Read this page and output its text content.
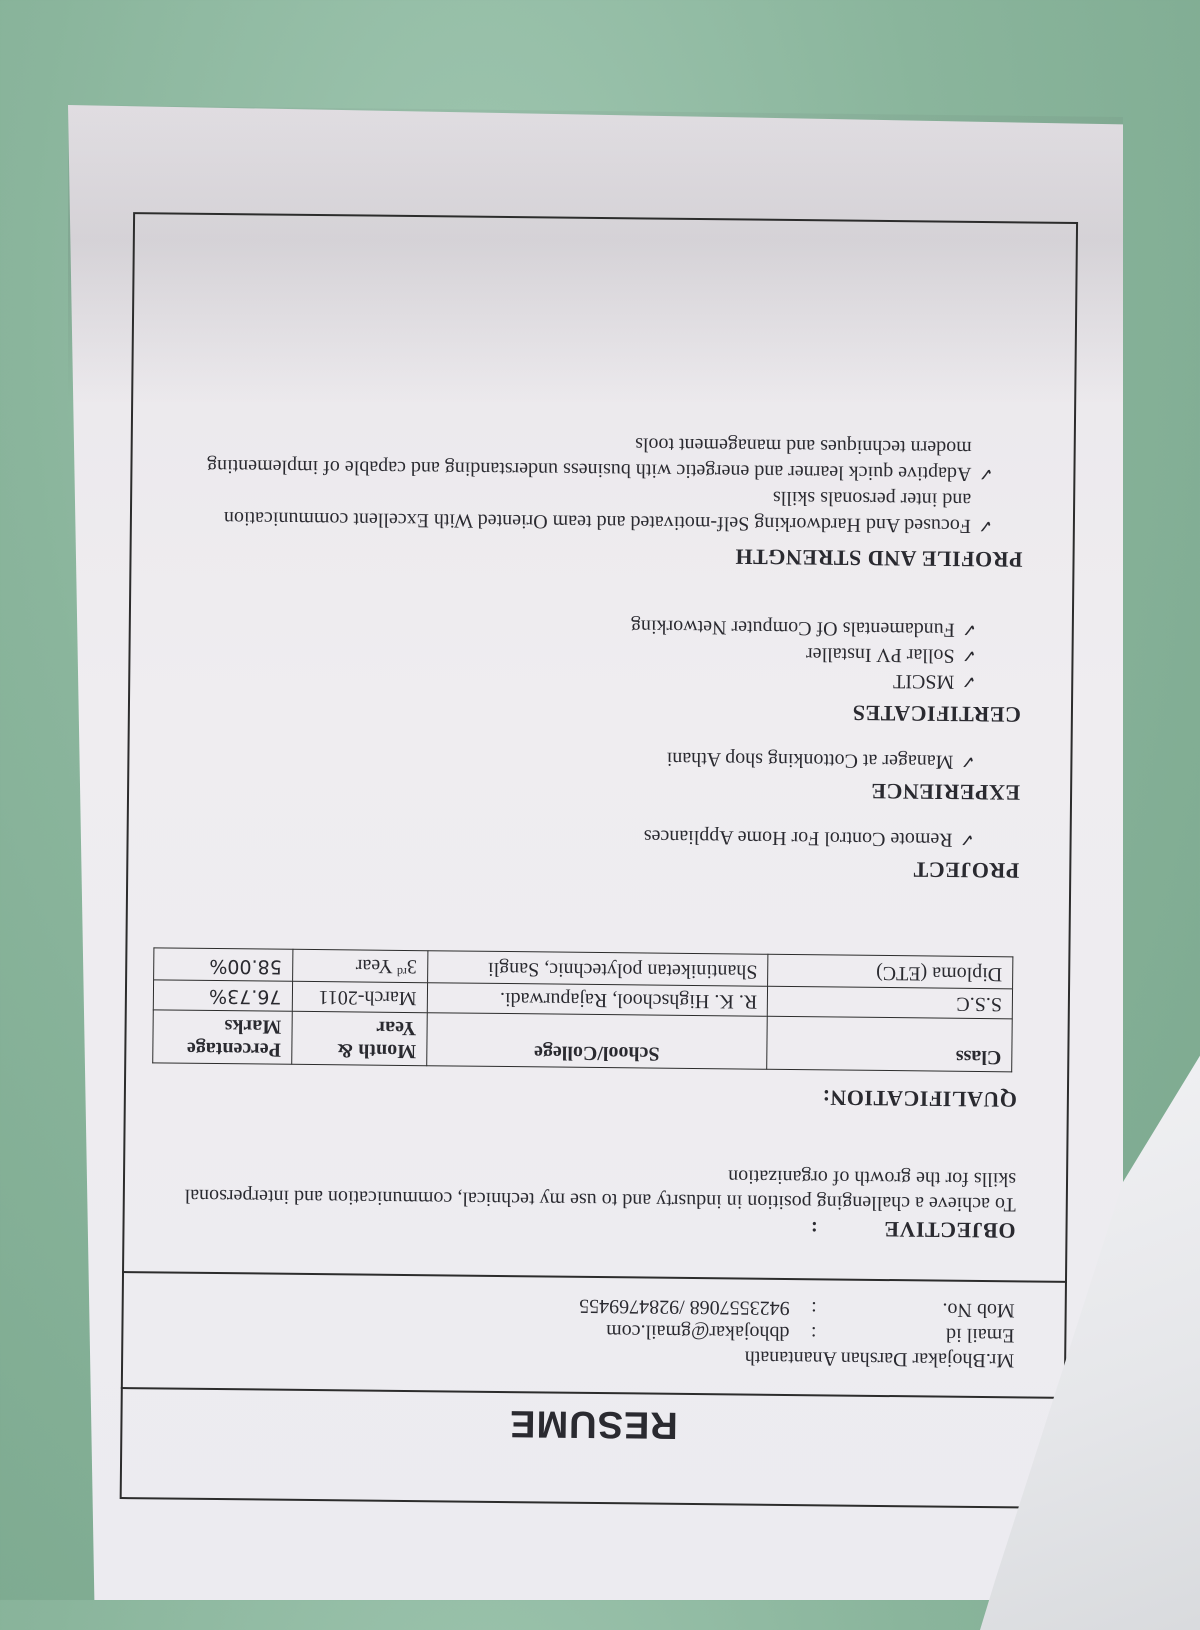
RESUME
Mr.Bhojakar Darshan Anantanath
Email id
:
dbhojakar@gmail.com
Mob No.
:
9423557068 /9284769455
OBJECTIVE
:
To achieve a challenging position in indusrty and to use my technical, communication and interpersonal
skills for the growth of organization
QUALIFICATION:
Class	School/College	Month & Year	Percentage Marks
S.S.C	R. K. Highschool, Rajapurwadi.	March-2011	76.73%
Diploma (ETC)	Shantiniketan polytechnic, Sangli	3rd Year	58.00%
PROJECT
✓Remote Control For Home Appliances
EXPERIENCE
✓Manager at Cottonking shop Athani
CERTIFICATES
✓MSCIT
✓Sollar PV Installer
✓Fundamentals Of Computer Networking
PROFILE AND STRENGTH
✓Focused And Hardworking Self-motivated and team Oriented With Excellent communication
and inter personals skills
✓Adaptive quick learner and energetic with business understanding and capable of implementing
modern techniques and management tools
